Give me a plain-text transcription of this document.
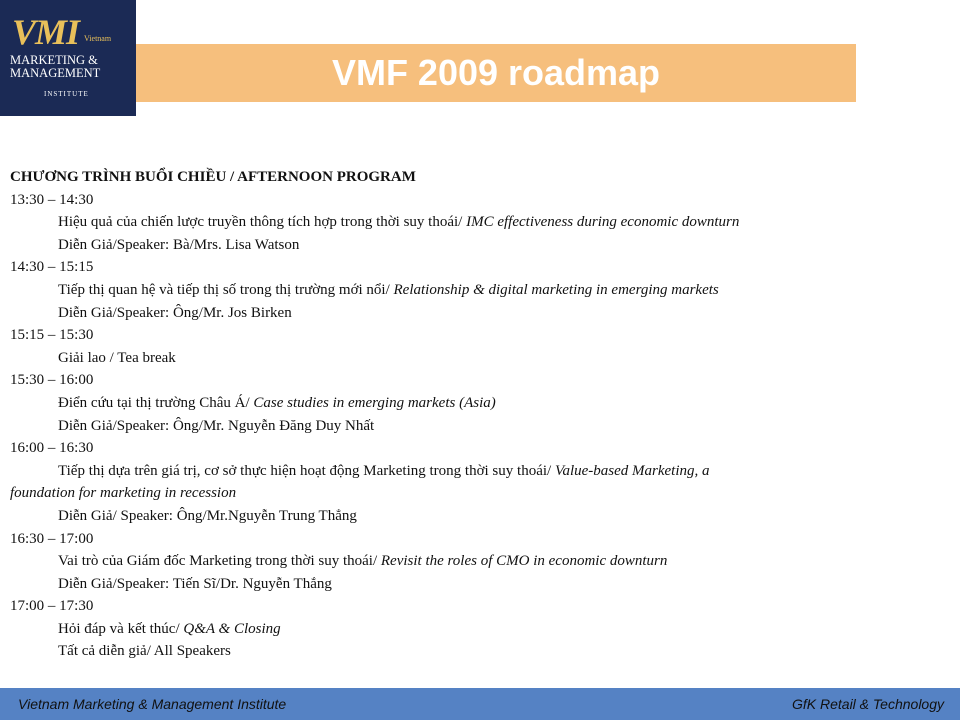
VMI Vietnam
MARKETING &
MANAGEMENT
INSTITUTE
VMF 2009 roadmap
CHƯƠNG TRÌNH BUỔI CHIỀU / AFTERNOON PROGRAM
13:30 – 14:30
Hiệu quả của chiến lược truyền thông tích hợp trong thời suy thoái/ IMC effectiveness during economic downturn
Diễn Giả/Speaker: Bà/Mrs. Lisa Watson
14:30 – 15:15
Tiếp thị quan hệ và tiếp thị số trong thị trường mới nổi/ Relationship & digital marketing in emerging markets
Diễn Giả/Speaker: Ông/Mr. Jos Birken
15:15 – 15:30
Giải lao / Tea break
15:30 – 16:00
Điển cứu tại thị trường Châu Á/ Case studies in emerging markets (Asia)
Diễn Giả/Speaker: Ông/Mr. Nguyễn Đăng Duy Nhất
16:00 – 16:30
Tiếp thị dựa trên giá trị, cơ sở thực hiện hoạt động Marketing trong thời suy thoái/ Value-based Marketing, a
foundation for marketing in recession
Diễn Giả/ Speaker: Ông/Mr.Nguyễn Trung Thẳng
16:30 – 17:00
Vai trò của Giám đốc Marketing trong thời suy thoái/ Revisit the roles of CMO in economic downturn
Diễn Giả/Speaker: Tiến Sĩ/Dr. Nguyễn Thắng
17:00 – 17:30
Hỏi đáp và kết thúc/ Q&A & Closing
Tất cả diễn giả/ All Speakers
Vietnam Marketing & Management Institute	GfK Retail & Technology
